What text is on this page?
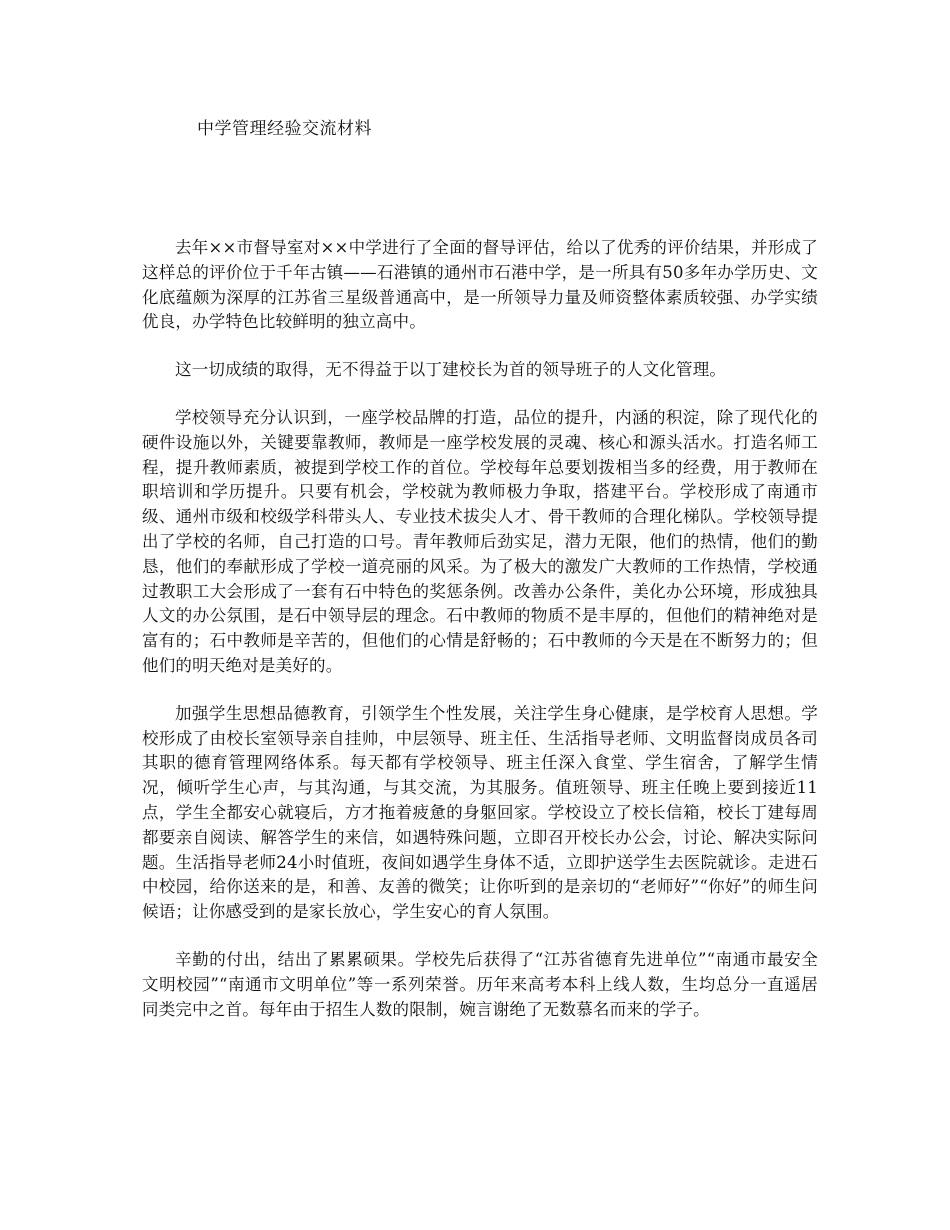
中学管理经验交流材料

去年××市督导室对××中学进行了全面的督导评估，给以了优秀的评价结果，并形成了这样总的评价位于千年古镇——石港镇的通州市石港中学，是一所具有50多年办学历史、文化底蕴颇为深厚的江苏省三星级普通高中，是一所领导力量及师资整体素质较强、办学实绩优良，办学特色比较鲜明的独立高中。

这一切成绩的取得，无不得益于以丁建校长为首的领导班子的人文化管理。

学校领导充分认识到，一座学校品牌的打造，品位的提升，内涵的积淀，除了现代化的硬件设施以外，关键要靠教师，教师是一座学校发展的灵魂、核心和源头活水。打造名师工程，提升教师素质，被提到学校工作的首位。学校每年总要划拨相当多的经费，用于教师在职培训和学历提升。只要有机会，学校就为教师极力争取，搭建平台。学校形成了南通市级、通州市级和校级学科带头人、专业技术拔尖人才、骨干教师的合理化梯队。学校领导提出了学校的名师，自己打造的口号。青年教师后劲实足，潜力无限，他们的热情，他们的勤恳，他们的奉献形成了学校一道亮丽的风采。为了极大的激发广大教师的工作热情，学校通过教职工大会形成了一套有石中特色的奖惩条例。改善办公条件，美化办公环境，形成独具人文的办公氛围，是石中领导层的理念。石中教师的物质不是丰厚的，但他们的精神绝对是富有的；石中教师是辛苦的，但他们的心情是舒畅的；石中教师的今天是在不断努力的；但他们的明天绝对是美好的。

加强学生思想品德教育，引领学生个性发展，关注学生身心健康，是学校育人思想。学校形成了由校长室领导亲自挂帅，中层领导、班主任、生活指导老师、文明监督岗成员各司其职的德育管理网络体系。每天都有学校领导、班主任深入食堂、学生宿舍，了解学生情况，倾听学生心声，与其沟通，与其交流，为其服务。值班领导、班主任晚上要到接近11点，学生全都安心就寝后，方才拖着疲惫的身躯回家。学校设立了校长信箱，校长丁建每周都要亲自阅读、解答学生的来信，如遇特殊问题，立即召开校长办公会，讨论、解决实际问题。生活指导老师24小时值班，夜间如遇学生身体不适，立即护送学生去医院就诊。走进石中校园，给你送来的是，和善、友善的微笑；让你听到的是亲切的“老师好”“你好”的师生问候语；让你感受到的是家长放心，学生安心的育人氛围。

辛勤的付出，结出了累累硕果。学校先后获得了“江苏省德育先进单位”“南通市最安全文明校园”“南通市文明单位”等一系列荣誉。历年来高考本科上线人数，生均总分一直遥居同类完中之首。每年由于招生人数的限制，婉言谢绝了无数慕名而来的学子。
